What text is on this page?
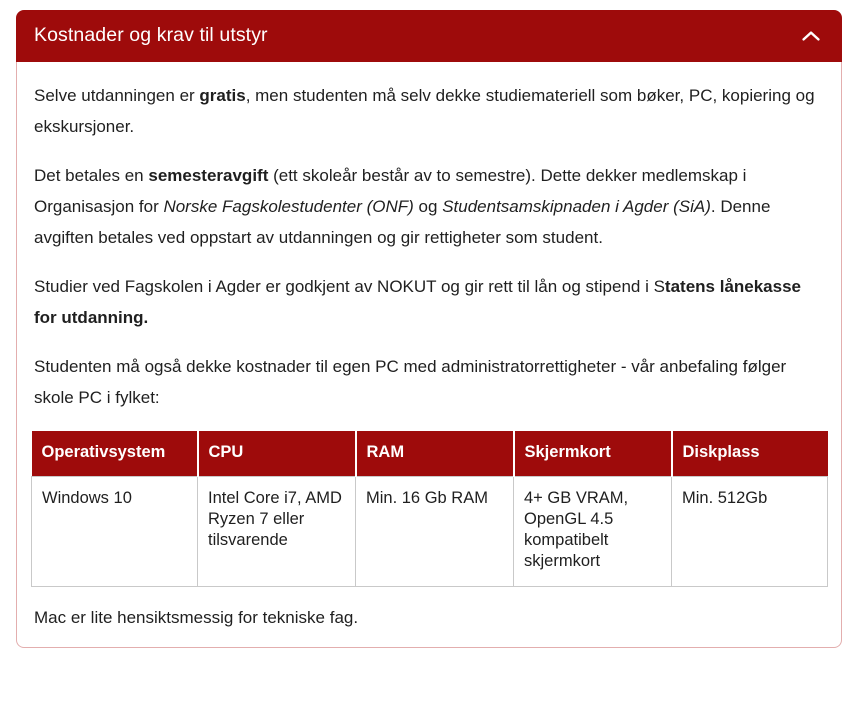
Kostnader og krav til utstyr

Selve utdanningen er gratis, men studenten må selv dekke studiemateriell som bøker, PC, kopiering og ekskursjoner.

Det betales en semesteravgift (ett skoleår består av to semestre). Dette dekker medlemskap i Organisasjon for Norske Fagskolestudenter (ONF) og Studentsamskipnaden i Agder (SiA). Denne avgiften betales ved oppstart av utdanningen og gir rettigheter som student.

Studier ved Fagskolen i Agder er godkjent av NOKUT og gir rett til lån og stipend i Statens lånekasse for utdanning.

Studenten må også dekke kostnader til egen PC med administratorrettigheter - vår anbefaling følger skole PC i fylket:

Operativsystem	CPU	RAM	Skjermkort	Diskplass
Windows 10	Intel Core i7, AMD Ryzen 7 eller tilsvarende	Min. 16 Gb RAM	4+ GB VRAM, OpenGL 4.5 kompatibelt skjermkort	Min. 512Gb

Mac er lite hensiktsmessig for tekniske fag.
